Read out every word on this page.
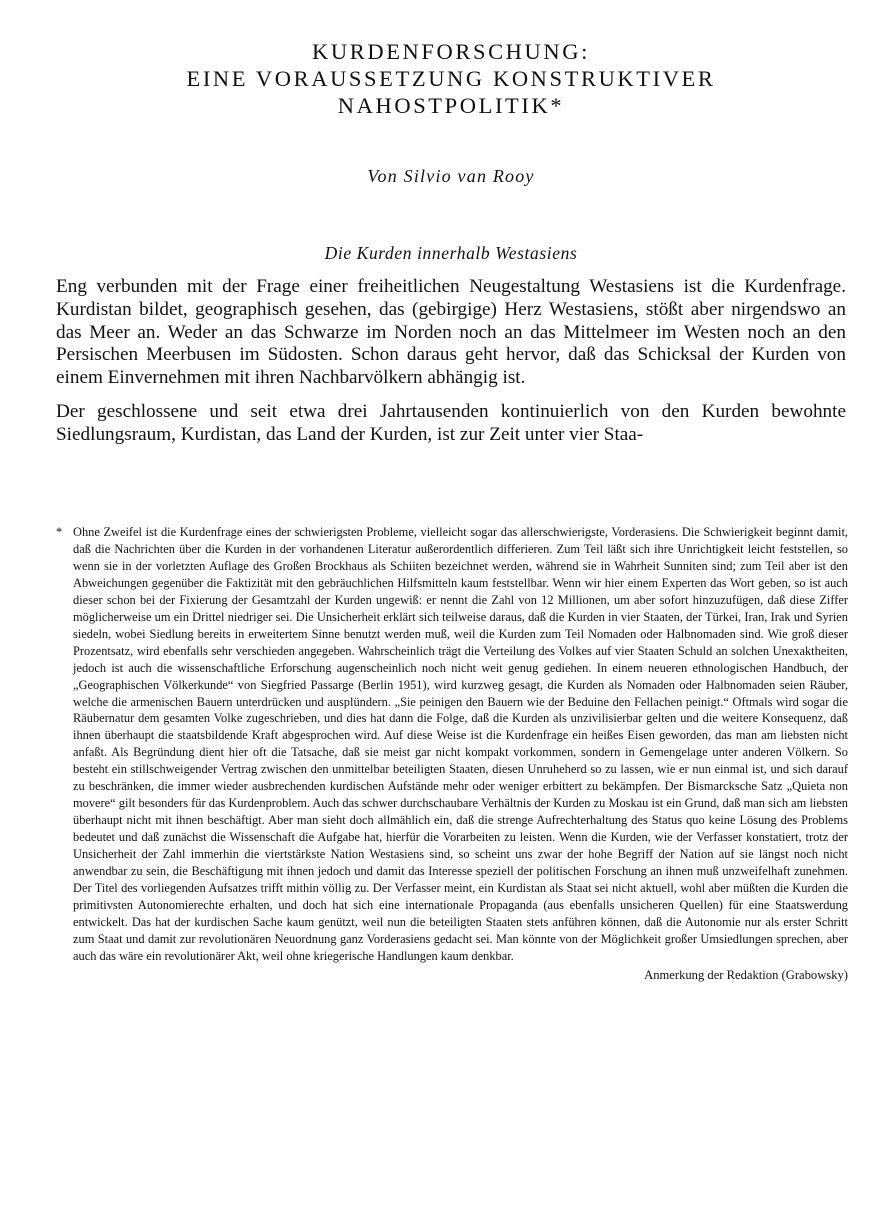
KURDENFORSCHUNG:
EINE VORAUSSETZUNG KONSTRUKTIVER
NAHOSTPOLITIK*
Von Silvio van Rooy
Die Kurden innerhalb Westasiens

Eng verbunden mit der Frage einer freiheitlichen Neugestaltung Westasiens ist die Kurdenfrage. Kurdistan bildet, geographisch gesehen, das (gebirgige) Herz Westasiens, stößt aber nirgendswo an das Meer an. Weder an das Schwarze im Norden noch an das Mittelmeer im Westen noch an den Persischen Meerbusen im Südosten. Schon daraus geht hervor, daß das Schicksal der Kurden von einem Einvernehmen mit ihren Nachbarvölkern abhängig ist.

Der geschlossene und seit etwa drei Jahrtausenden kontinuierlich von den Kurden bewohnte Siedlungsraum, Kurdistan, das Land der Kurden, ist zur Zeit unter vier Staa-

* Ohne Zweifel ist die Kurdenfrage eines der schwierigsten Probleme, vielleicht sogar das allerschwierigste, Vorderasiens. Die Schwierigkeit beginnt damit, daß die Nachrichten über die Kurden in der vorhandenen Literatur außerordentlich differieren. Zum Teil läßt sich ihre Unrichtigkeit leicht feststellen, so wenn sie in der vorletzten Auflage des Großen Brockhaus als Schiiten bezeichnet werden, während sie in Wahrheit Sunniten sind; zum Teil aber ist den Abweichungen gegenüber die Faktizität mit den gebräuchlichen Hilfsmitteln kaum feststellbar. Wenn wir hier einem Experten das Wort geben, so ist auch dieser schon bei der Fixierung der Gesamtzahl der Kurden ungewiß: er nennt die Zahl von 12 Millionen, um aber sofort hinzuzufügen, daß diese Ziffer möglicherweise um ein Drittel niedriger sei. Die Unsicherheit erklärt sich teilweise daraus, daß die Kurden in vier Staaten, der Türkei, Iran, Irak und Syrien siedeln, wobei Siedlung bereits in erweitertem Sinne benutzt werden muß, weil die Kurden zum Teil Nomaden oder Halbnomaden sind. Wie groß dieser Prozentsatz, wird ebenfalls sehr verschieden angegeben. Wahrscheinlich trägt die Verteilung des Volkes auf vier Staaten Schuld an solchen Unexaktheiten, jedoch ist auch die wissenschaftliche Erforschung augenscheinlich noch nicht weit genug gediehen. In einem neueren ethnologischen Handbuch, der „Geographischen Völkerkunde“ von Siegfried Passarge (Berlin 1951), wird kurzweg gesagt, die Kurden als Nomaden oder Halbnomaden seien Räuber, welche die armenischen Bauern unterdrücken und ausplündern. „Sie peinigen den Bauern wie der Beduine den Fellachen peinigt.“ Oftmals wird sogar die Räubernatur dem gesamten Volke zugeschrieben, und dies hat dann die Folge, daß die Kurden als unzivilisierbar gelten und die weitere Konsequenz, daß ihnen überhaupt die staatsbildende Kraft abgesprochen wird. Auf diese Weise ist die Kurdenfrage ein heißes Eisen geworden, das man am liebsten nicht anfaßt. Als Begründung dient hier oft die Tatsache, daß sie meist gar nicht kompakt vorkommen, sondern in Gemengelage unter anderen Völkern. So besteht ein stillschweigender Vertrag zwischen den unmittelbar beteiligten Staaten, diesen Unruheherd so zu lassen, wie er nun einmal ist, und sich darauf zu beschränken, die immer wieder ausbrechenden kurdischen Aufstände mehr oder weniger erbittert zu bekämpfen. Der Bismarcksche Satz „Quieta non movere“ gilt besonders für das Kurdenproblem. Auch das schwer durchschaubare Verhältnis der Kurden zu Moskau ist ein Grund, daß man sich am liebsten überhaupt nicht mit ihnen beschäftigt. Aber man sieht doch allmählich ein, daß die strenge Aufrechterhaltung des Status quo keine Lösung des Problems bedeutet und daß zunächst die Wissenschaft die Aufgabe hat, hierfür die Vorarbeiten zu leisten. Wenn die Kurden, wie der Verfasser konstatiert, trotz der Unsicherheit der Zahl immerhin die viertstärkste Nation Westasiens sind, so scheint uns zwar der hohe Begriff der Nation auf sie längst noch nicht anwendbar zu sein, die Beschäftigung mit ihnen jedoch und damit das Interesse speziell der politischen Forschung an ihnen muß unzweifelhaft zunehmen. Der Titel des vorliegenden Aufsatzes trifft mithin völlig zu. Der Verfasser meint, ein Kurdistan als Staat sei nicht aktuell, wohl aber müßten die Kurden die primitivsten Autonomierechte erhalten, und doch hat sich eine internationale Propaganda (aus ebenfalls unsicheren Quellen) für eine Staatswerdung entwickelt. Das hat der kurdischen Sache kaum genützt, weil nun die beteiligten Staaten stets anführen können, daß die Autonomie nur als erster Schritt zum Staat und damit zur revolutionären Neuordnung ganz Vorderasiens gedacht sei. Man könnte von der Möglichkeit großer Umsiedlungen sprechen, aber auch das wäre ein revolutionärer Akt, weil ohne kriegerische Handlungen kaum denkbar.
Anmerkung der Redaktion (Grabowsky)
